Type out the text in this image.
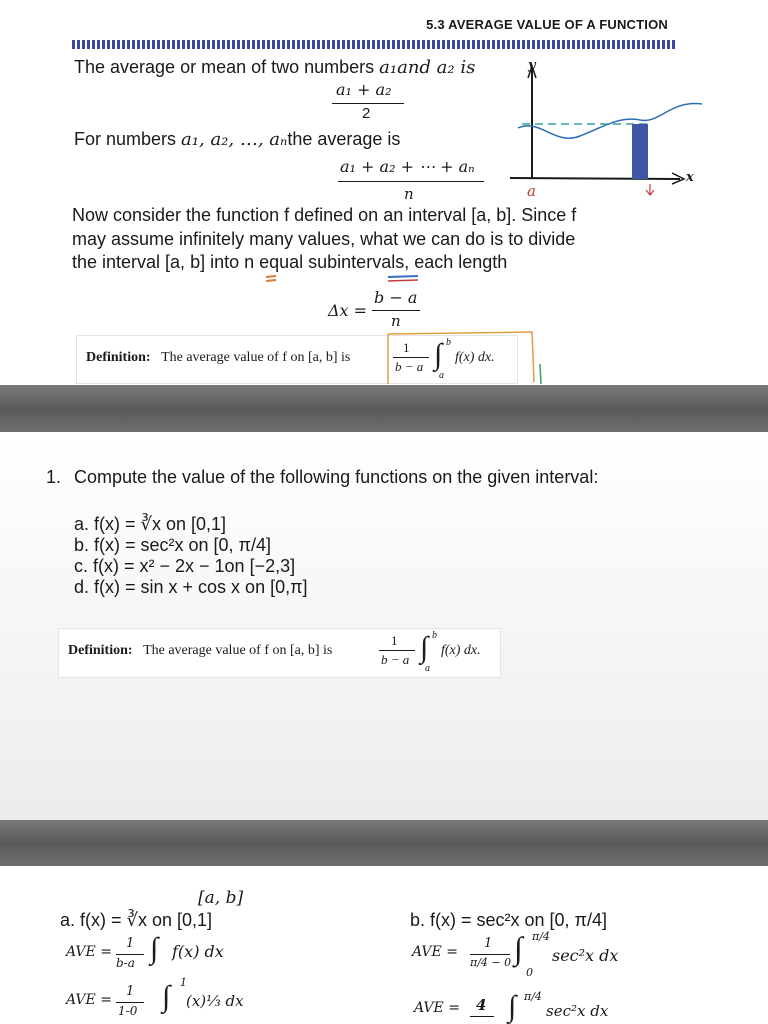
5.3 AVERAGE VALUE OF A FUNCTION
The average or mean of two numbers a₁and a₂ is
a₁ + a₂
2
For numbers a₁, a₂, …, aₙthe average is
a₁ + a₂ + ⋯ + aₙ
n
Now consider the function f defined on an interval [a, b]. Since f
may assume infinitely many values, what we can do is to divide
the interval [a, b] into n equal subintervals, each length
Δx =
b − a
n
a
x
y
Definition: The average value of f on [a, b] is
1
b − a ∫ b
a
f(x) dx.
1. Compute the value of the following functions on the given interval:
a. f(x) = ∛x on [0,1]
b. f(x) = sec²x on [0, π/4]
c. f(x) = x² − 2x − 1on [−2,3]
d. f(x) = sin x + cos x on [0,π]
Definition: The average value of f on [a, b] is
1
b − a ∫ b
a
f(x) dx.
[a, b]
a. f(x) = ∛x on [0,1]
AVE =
1
b-a ∫ f(x) dx
AVE =
1
1-0 ∫ 1
(x)⅓ dx
b. f(x) = sec²x on [0, π/4]
AVE =
1
π/4 − 0 ∫ π/4
0
sec²x dx
AVE = 4 ∫ π/4
sec²x dx
